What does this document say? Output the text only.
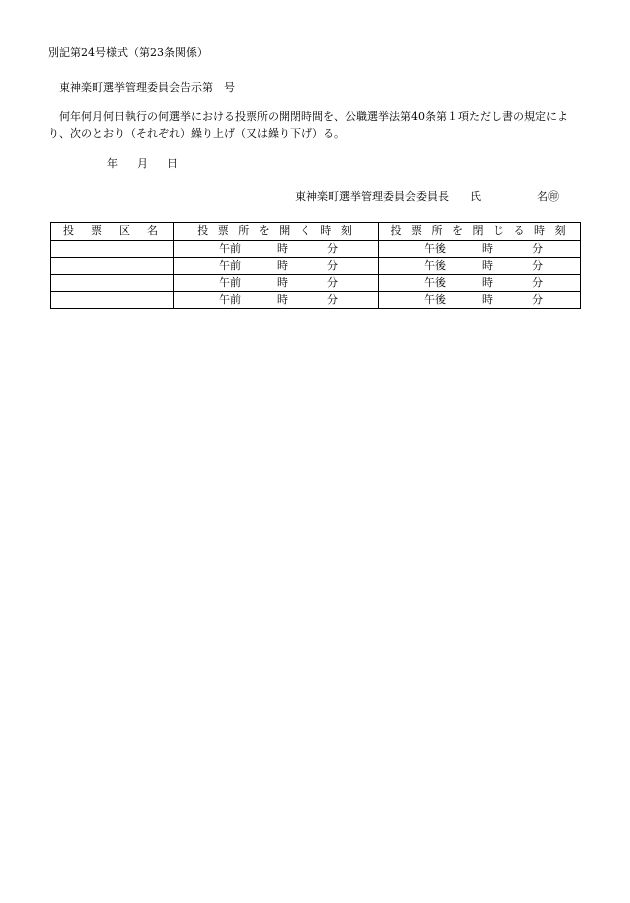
別記第24号様式（第23条関係）
東神楽町選挙管理委員会告示第　号
何年何月何日執行の何選挙における投票所の開閉時間を、公職選挙法第40条第１項ただし書の規定により、次のとおり（それぞれ）繰り上げ（又は繰り下げ）る。
年　月　日
東神楽町選挙管理委員会委員長 氏	名㊞
投　票　区　名	投 票 所 を 開 く 時 刻	投 票 所 を 閉 じ る 時 刻

	午前 時 分	午後 時 分

	午前 時 分	午後 時 分

	午前 時 分	午後 時 分

	午前 時 分	午後 時 分
